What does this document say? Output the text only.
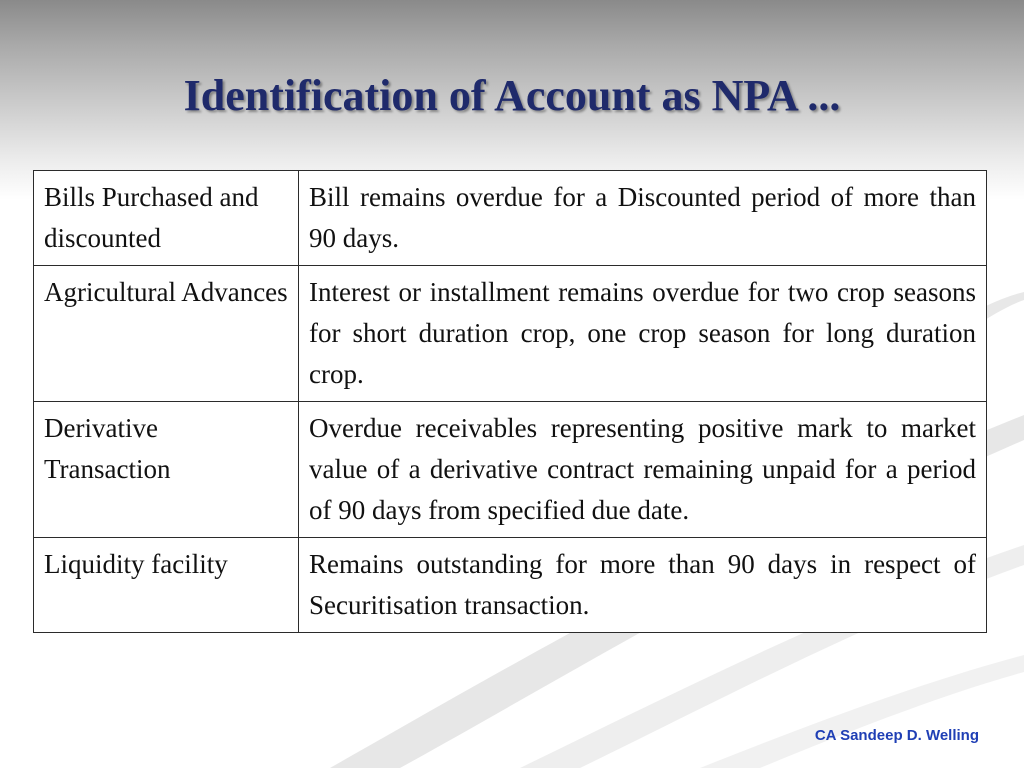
Identification of Account as NPA ...
Bills Purchased and discounted	Bill remains overdue for a Discounted period of more than 90 days.
Agricultural Advances	Interest or installment remains overdue for two crop seasons for short duration crop, one crop season for long duration crop.
Derivative Transaction	Overdue receivables representing positive mark to market value of a derivative contract remaining unpaid for a period of 90 days from specified due date.
Liquidity facility	Remains outstanding for more than 90 days in respect of Securitisation transaction.
CA Sandeep D. Welling
